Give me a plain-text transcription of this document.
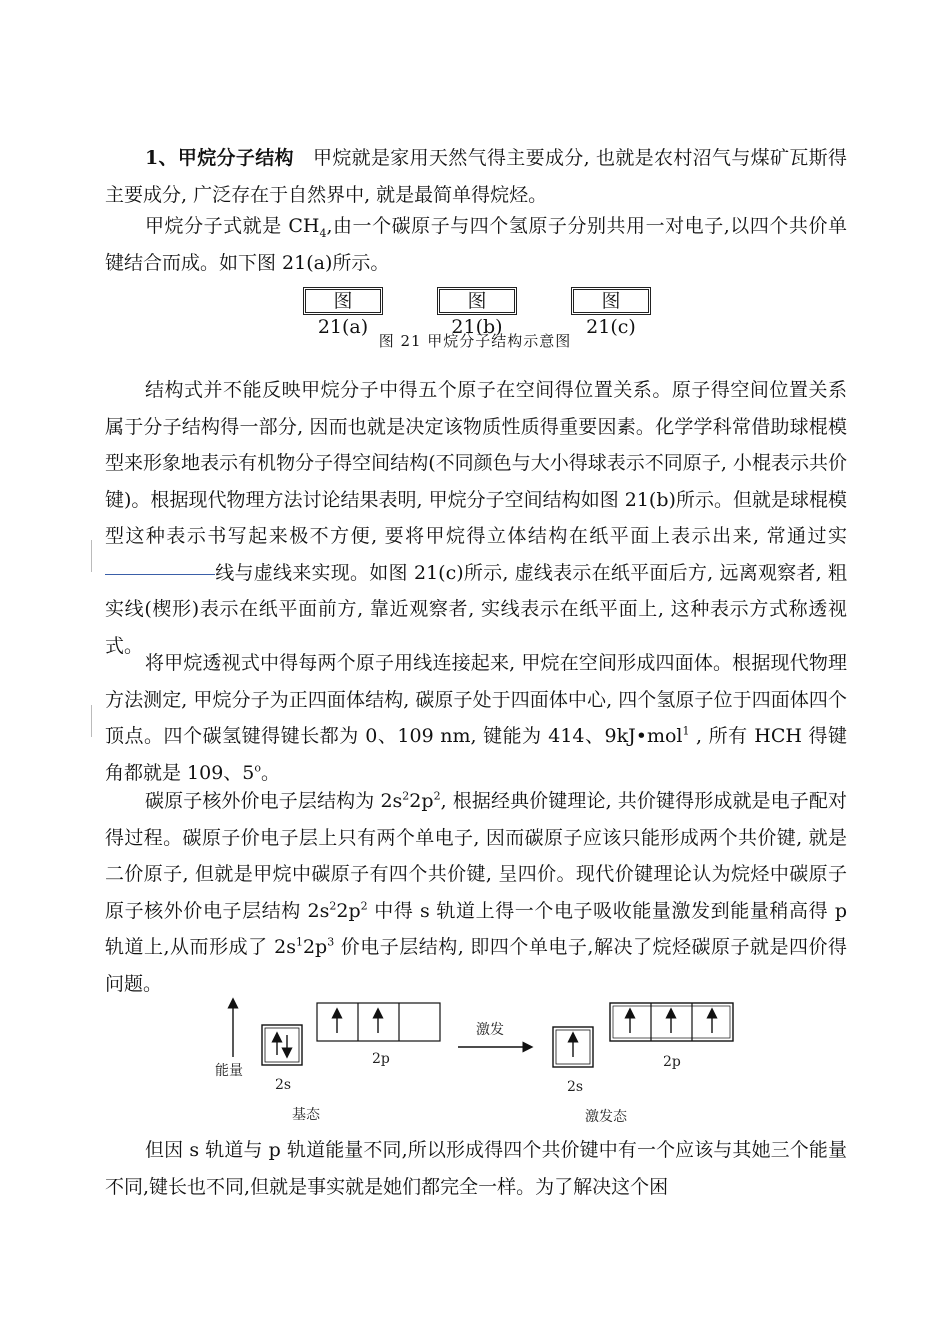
1、甲烷分子结构 甲烷就是家用天然气得主要成分, 也就是农村沼气与煤矿瓦斯得主要成分, 广泛存在于自然界中, 就是最简单得烷烃。
甲烷分子式就是 $CH_4$,由一个碳原子与四个氢原子分别共用一对电子,以四个共价单键结合而成。如下图 21(a)所示。
图 21(a)
图 21(b)
图 21(c)
图 21 甲烷分子结构示意图
结构式并不能反映甲烷分子中得五个原子在空间得位置关系。原子得空间位置关系属于分子结构得一部分, 因而也就是决定该物质性质得重要因素。化学学科常借助球棍模型来形象地表示有机物分子得空间结构(不同颜色与大小得球表示不同原子, 小棍表示共价键)。根据现代物理方法讨论结果表明, 甲烷分子空间结构如图 21(b)所示。但就是球棍模型这种表示书写起来极不方便, 要将甲烷得立体结构在纸平面上表示出来, 常通过实线与虚线来实现。如图 21(c)所示, 虚线表示在纸平面后方, 远离观察者, 粗实线(楔形)表示在纸平面前方, 靠近观察者, 实线表示在纸平面上, 这种表示方式称透视式。
将甲烷透视式中得每两个原子用线连接起来, 甲烷在空间形成四面体。根据现代物理方法测定, 甲烷分子为正四面体结构, 碳原子处于四面体中心, 四个氢原子位于四面体四个顶点。四个碳氢键得键长都为 0、109 nm, 键能为 414、9kJ•mol$^1$ , 所有 HCH 得键角都就是 109、5$^o$。
碳原子核外价电子层结构为 $2s^22p^2$, 根据经典价键理论, 共价键得形成就是电子配对得过程。碳原子价电子层上只有两个单电子, 因而碳原子应该只能形成两个共价键, 就是二价原子, 但就是甲烷中碳原子有四个共价键, 呈四价。现代价键理论认为烷烃中碳原子原子核外价电子层结构 $2s^22p^2$ 中得 s 轨道上得一个电子吸收能量激发到能量稍高得 p 轨道上,从而形成了 $2s^12p^3$ 价电子层结构, 即四个单电子,解决了烷烃碳原子就是四价得问题。
能量
2s
2p
基态
激发
2s
2p
激发态
但因 s 轨道与 p 轨道能量不同,所以形成得四个共价键中有一个应该与其她三个能量不同,键长也不同,但就是事实就是她们都完全一样。为了解决这个困
